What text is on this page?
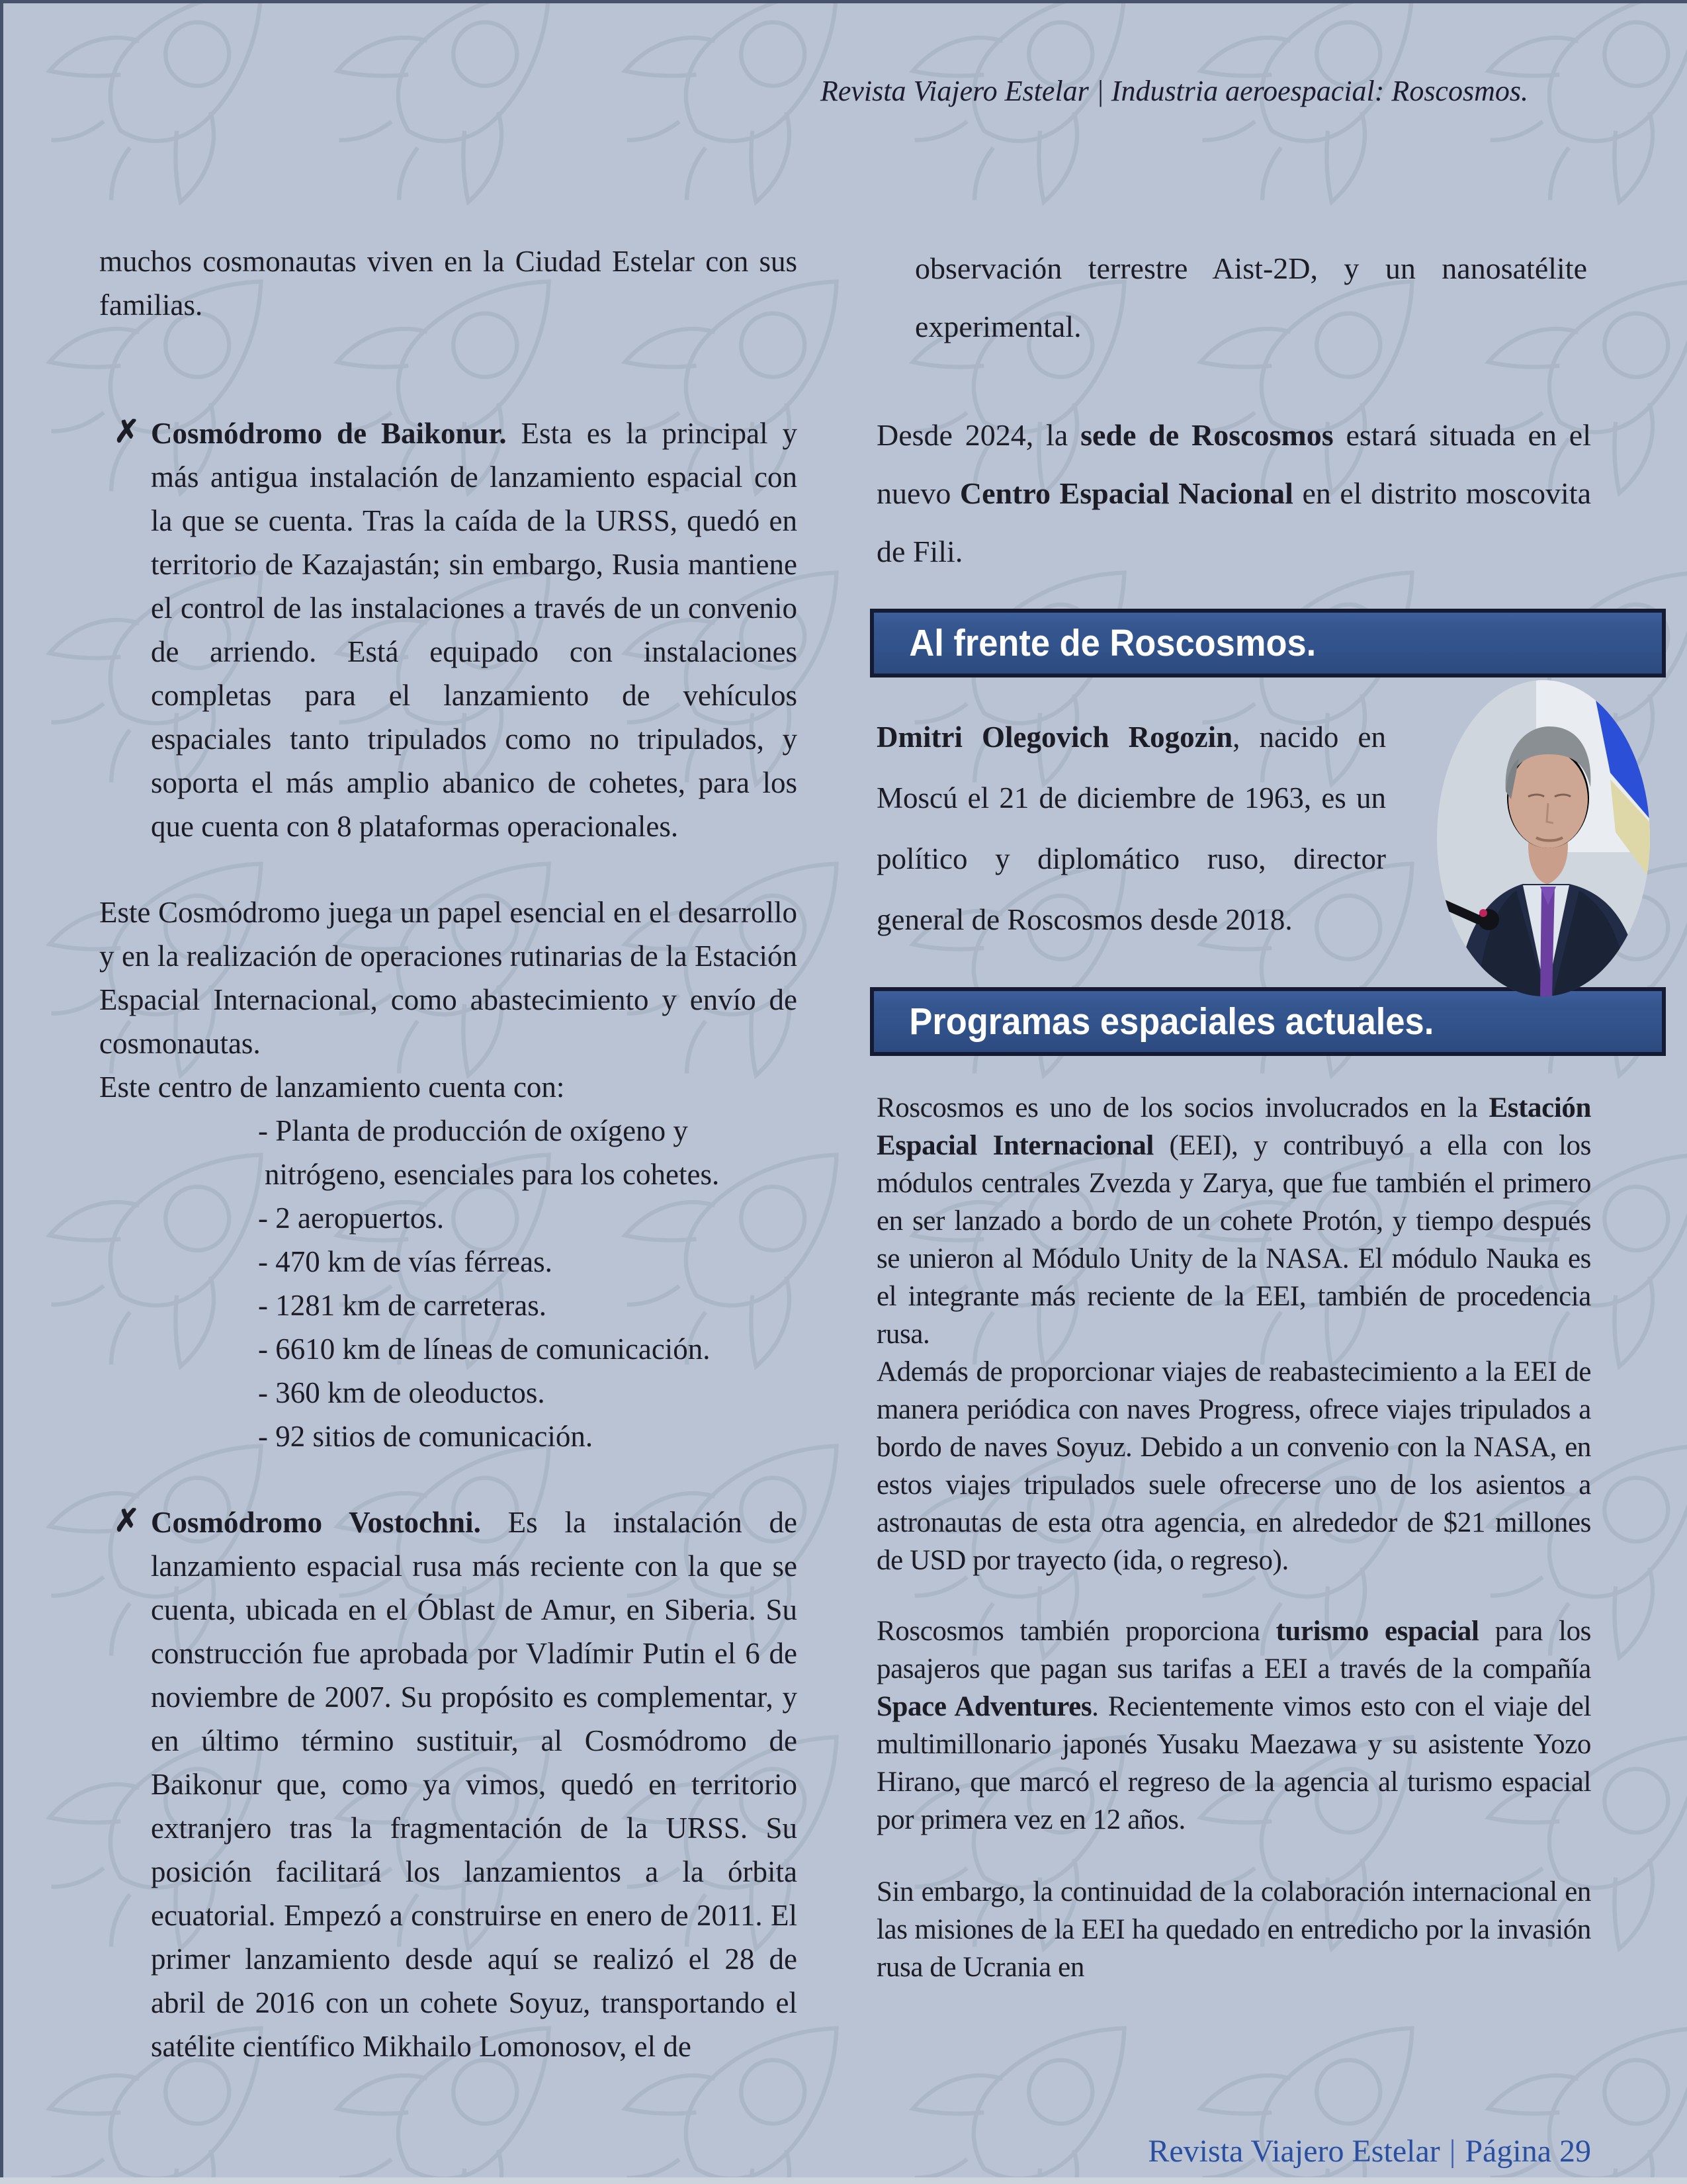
Revista Viajero Estelar | Industria aeroespacial: Roscosmos.

muchos cosmonautas viven en la Ciudad Estelar con sus familias.

✗ Cosmódromo de Baikonur. Esta es la principal y más antigua instalación de lanzamiento espacial con la que se cuenta. Tras la caída de la URSS, quedó en territorio de Kazajastán; sin embargo, Rusia mantiene el control de las instalaciones a través de un convenio de arriendo. Está equipado con instalaciones completas para el lanzamiento de vehículos espaciales tanto tripulados como no tripulados, y soporta el más amplio abanico de cohetes, para los que cuenta con 8 plataformas operacionales.

Este Cosmódromo juega un papel esencial en el desarrollo y en la realización de operaciones rutinarias de la Estación Espacial Internacional, como abastecimiento y envío de cosmonautas.

Este centro de lanzamiento cuenta con:

- Planta de producción de oxígeno y nitrógeno, esenciales para los cohetes.
- 2 aeropuertos.
- 470 km de vías férreas.
- 1281 km de carreteras.
- 6610 km de líneas de comunicación.
- 360 km de oleoductos.
- 92 sitios de comunicación.
✗ Cosmódromo Vostochni. Es la instalación de lanzamiento espacial rusa más reciente con la que se cuenta, ubicada en el Óblast de Amur, en Siberia. Su construcción fue aprobada por Vladímir Putin el 6 de noviembre de 2007. Su propósito es complementar, y en último término sustituir, al Cosmódromo de Baikonur que, como ya vimos, quedó en territorio extranjero tras la fragmentación de la URSS. Su posición facilitará los lanzamientos a la órbita ecuatorial. Empezó a construirse en enero de 2011. El primer lanzamiento desde aquí se realizó el 28 de abril de 2016 con un cohete Soyuz, transportando el satélite científico Mikhailo Lomonosov, el de

observación terrestre Aist-2D, y un nanosatélite experimental.

Desde 2024, la sede de Roscosmos estará situada en el nuevo Centro Espacial Nacional en el distrito moscovita de Fili.

Al frente de Roscosmos.

Dmitri Olegovich Rogozin, nacido en Moscú el 21 de diciembre de 1963, es un político y diplomático ruso, director general de Roscosmos desde 2018.

Programas espaciales actuales.

Roscosmos es uno de los socios involucrados en la Estación Espacial Internacional (EEI), y contribuyó a ella con los módulos centrales Zvezda y Zarya, que fue también el primero en ser lanzado a bordo de un cohete Protón, y tiempo después se unieron al Módulo Unity de la NASA. El módulo Nauka es el integrante más reciente de la EEI, también de procedencia rusa.

Además de proporcionar viajes de reabastecimiento a la EEI de manera periódica con naves Progress, ofrece viajes tripulados a bordo de naves Soyuz. Debido a un convenio con la NASA, en estos viajes tripulados suele ofrecerse uno de los asientos a astronautas de esta otra agencia, en alrededor de $21 millones de USD por trayecto (ida, o regreso).

Roscosmos también proporciona turismo espacial para los pasajeros que pagan sus tarifas a EEI a través de la compañía Space Adventures. Recientemente vimos esto con el viaje del multimillonario japonés Yusaku Maezawa y su asistente Yozo Hirano, que marcó el regreso de la agencia al turismo espacial por primera vez en 12 años.

Sin embargo, la continuidad de la colaboración internacional en las misiones de la EEI ha quedado en entredicho por la invasión rusa de Ucrania en

Revista Viajero Estelar | Página 29
